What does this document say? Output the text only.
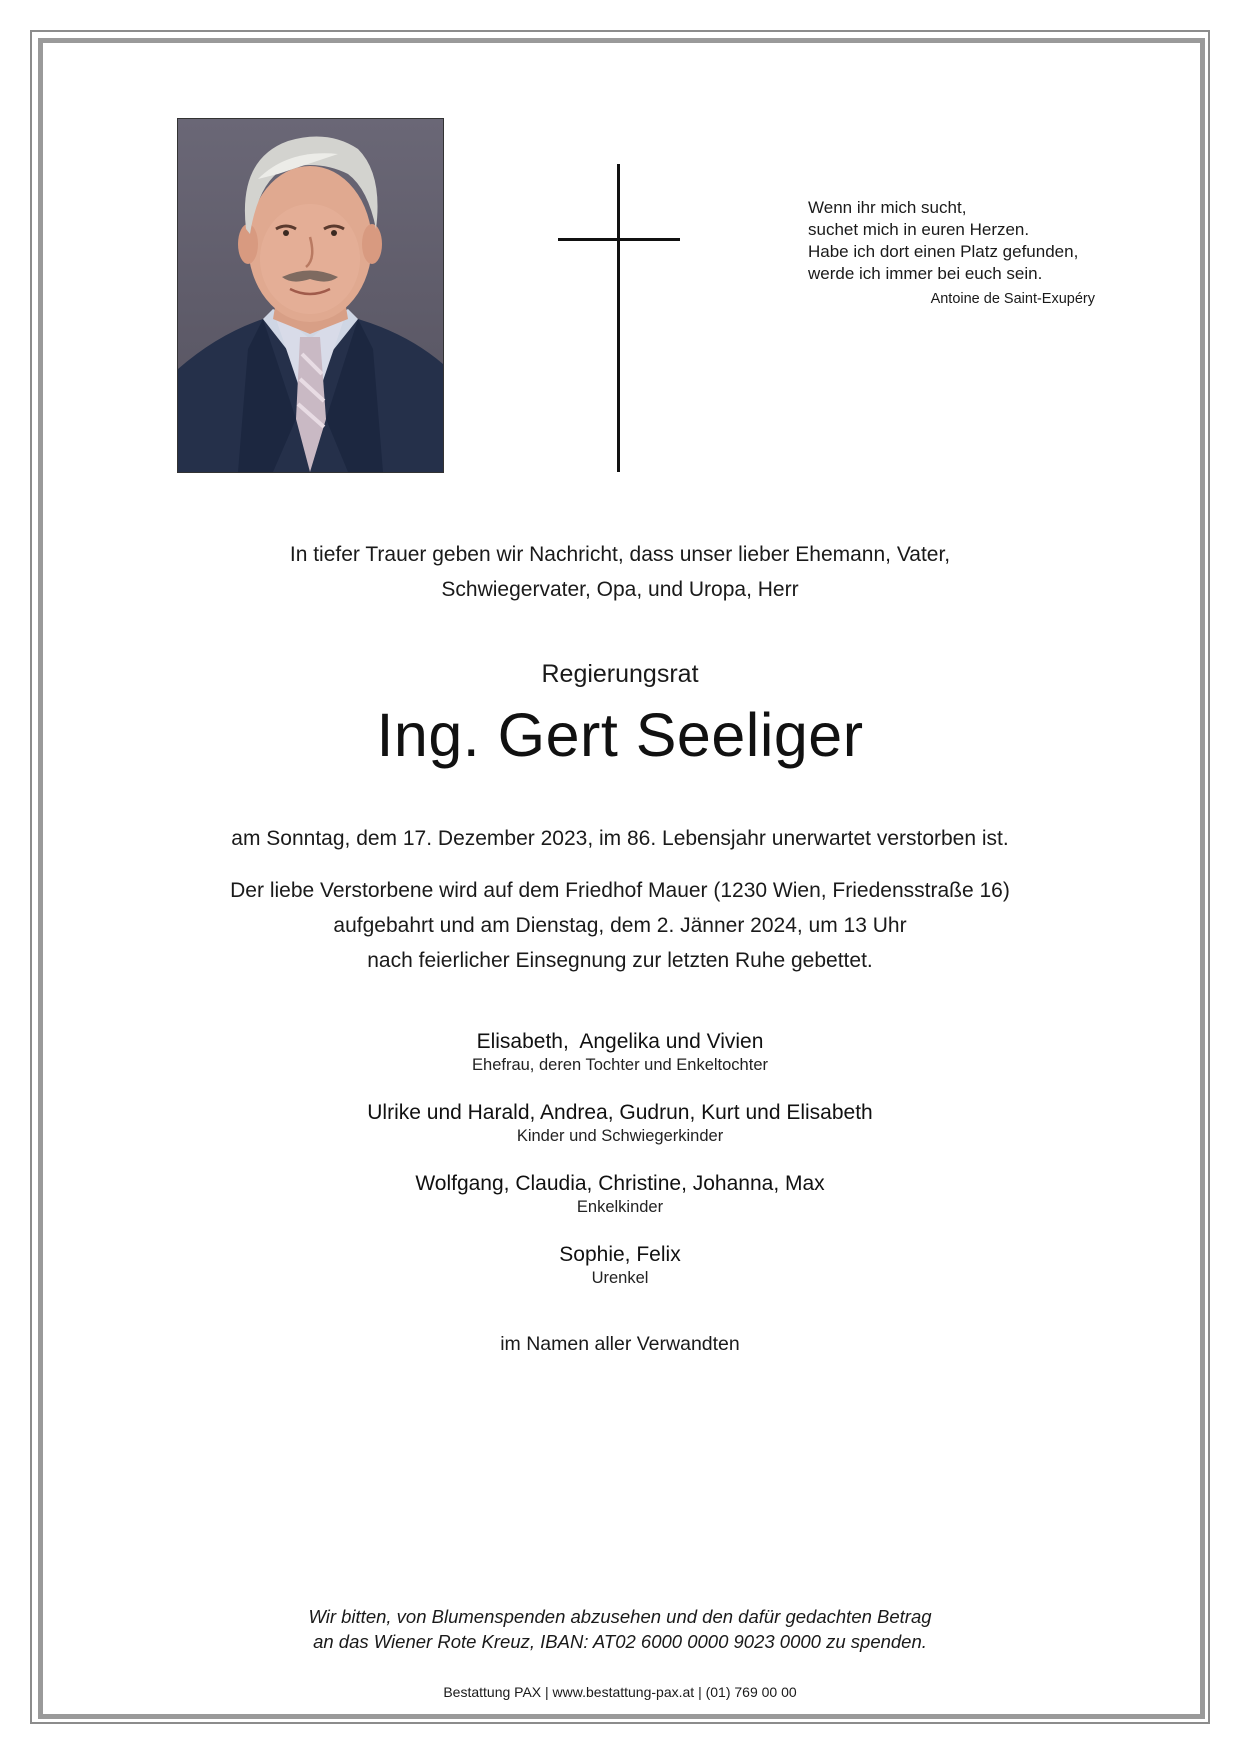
Wenn ihr mich sucht,
suchet mich in euren Herzen.
Habe ich dort einen Platz gefunden,
werde ich immer bei euch sein.
Antoine de Saint-Exupéry
In tiefer Trauer geben wir Nachricht, dass unser lieber Ehemann, Vater,
Schwiegervater, Opa, und Uropa, Herr
Regierungsrat
Ing. Gert Seeliger
am Sonntag, dem 17. Dezember 2023, im 86. Lebensjahr unerwartet verstorben ist.
Der liebe Verstorbene wird auf dem Friedhof Mauer (1230 Wien, Friedensstraße 16)
aufgebahrt und am Dienstag, dem 2. Jänner 2024, um 13 Uhr
nach feierlicher Einsegnung zur letzten Ruhe gebettet.
Elisabeth,  Angelika und Vivien
Ehefrau, deren Tochter und Enkeltochter
Ulrike und Harald, Andrea, Gudrun, Kurt und Elisabeth
Kinder und Schwiegerkinder
Wolfgang, Claudia, Christine, Johanna, Max
Enkelkinder
Sophie, Felix
Urenkel
im Namen aller Verwandten
Wir bitten, von Blumenspenden abzusehen und den dafür gedachten Betrag
an das Wiener Rote Kreuz, IBAN: AT02 6000 0000 9023 0000 zu spenden.
Bestattung PAX | www.bestattung-pax.at | (01) 769 00 00
